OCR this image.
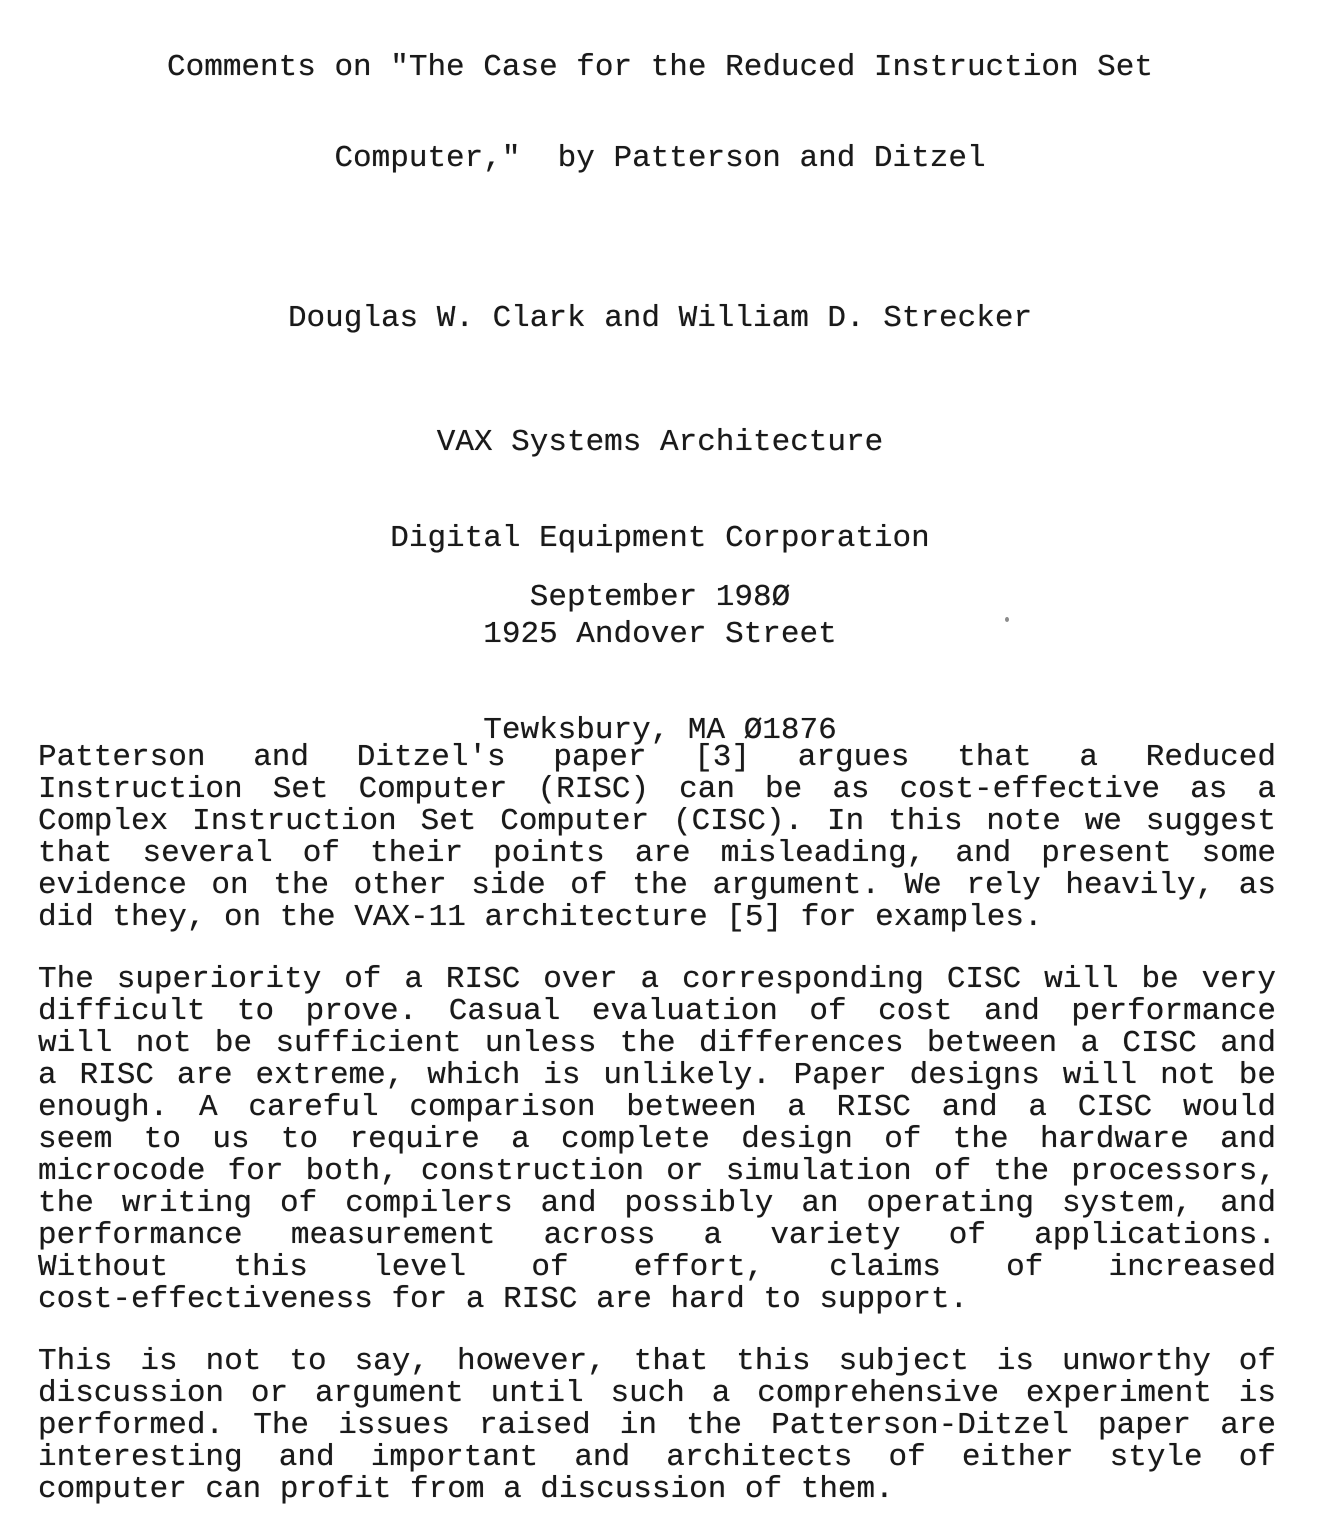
Comments on "The Case for the Reduced Instruction Set
Computer,"  by Patterson and Ditzel
Douglas W. Clark and William D. Strecker

VAX Systems Architecture

Digital Equipment Corporation

1925 Andover Street

Tewksbury, MA Ø1876

September 198Ø
Patterson and Ditzel's paper [3] argues that a Reduced
Instruction Set Computer (RISC) can be as cost-effective as a
Complex Instruction Set Computer (CISC). In this note we suggest
that several of their points are misleading, and present some
evidence on the other side of the argument. We rely heavily, as
did they, on the VAX-11 architecture [5] for examples.
The superiority of a RISC over a corresponding CISC will be very
difficult to prove. Casual evaluation of cost and performance
will not be sufficient unless the differences between a CISC and
a RISC are extreme, which is unlikely. Paper designs will not be
enough. A careful comparison between a RISC and a CISC would
seem to us to require a complete design of the hardware and
microcode for both, construction or simulation of the processors,
the writing of compilers and possibly an operating system, and
performance measurement across a variety of applications.
Without this level of effort, claims of increased
cost-effectiveness for a RISC are hard to support.
This is not to say, however, that this subject is unworthy of
discussion or argument until such a comprehensive experiment is
performed. The issues raised in the Patterson-Ditzel paper are
interesting and important and architects of either style of
computer can profit from a discussion of them.
